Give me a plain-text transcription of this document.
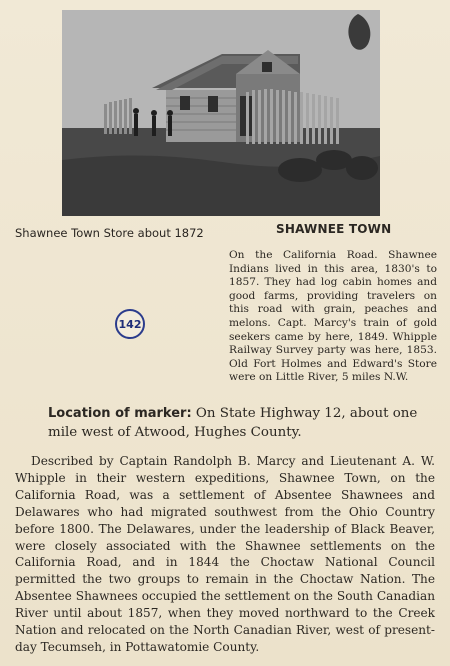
Shawnee Town Store about 1872	SHAWNEE TOWN
142
On the California Road. Shawnee Indians lived in this area, 1830's to 1857. They had log cabin homes and good farms, providing travelers on this road with grain, peaches and melons. Capt. Marcy's train of gold seekers came by here, 1849. Whipple Railway Survey party was here, 1853. Old Fort Holmes and Edward's Store were on Little River, 5 miles N.W.
Location of marker: On State Highway 12, about one mile west of Atwood, Hughes County.
Described by Captain Randolph B. Marcy and Lieutenant A. W. Whipple in their western expeditions, Shawnee Town, on the California Road, was a settlement of Absentee Shawnees and Delawares who had migrated southwest from the Ohio Country before 1800. The Delawares, under the leadership of Black Beaver, were closely associated with the Shawnee settlements on the California Road, and in 1844 the Choctaw National Council permitted the two groups to remain in the Choctaw Nation. The Absentee Shawnees occupied the settlement on the South Canadian River until about 1857, when they moved northward to the Creek Nation and relocated on the North Canadian River, west of present-day Tecumseh, in Pottawatomie County.
